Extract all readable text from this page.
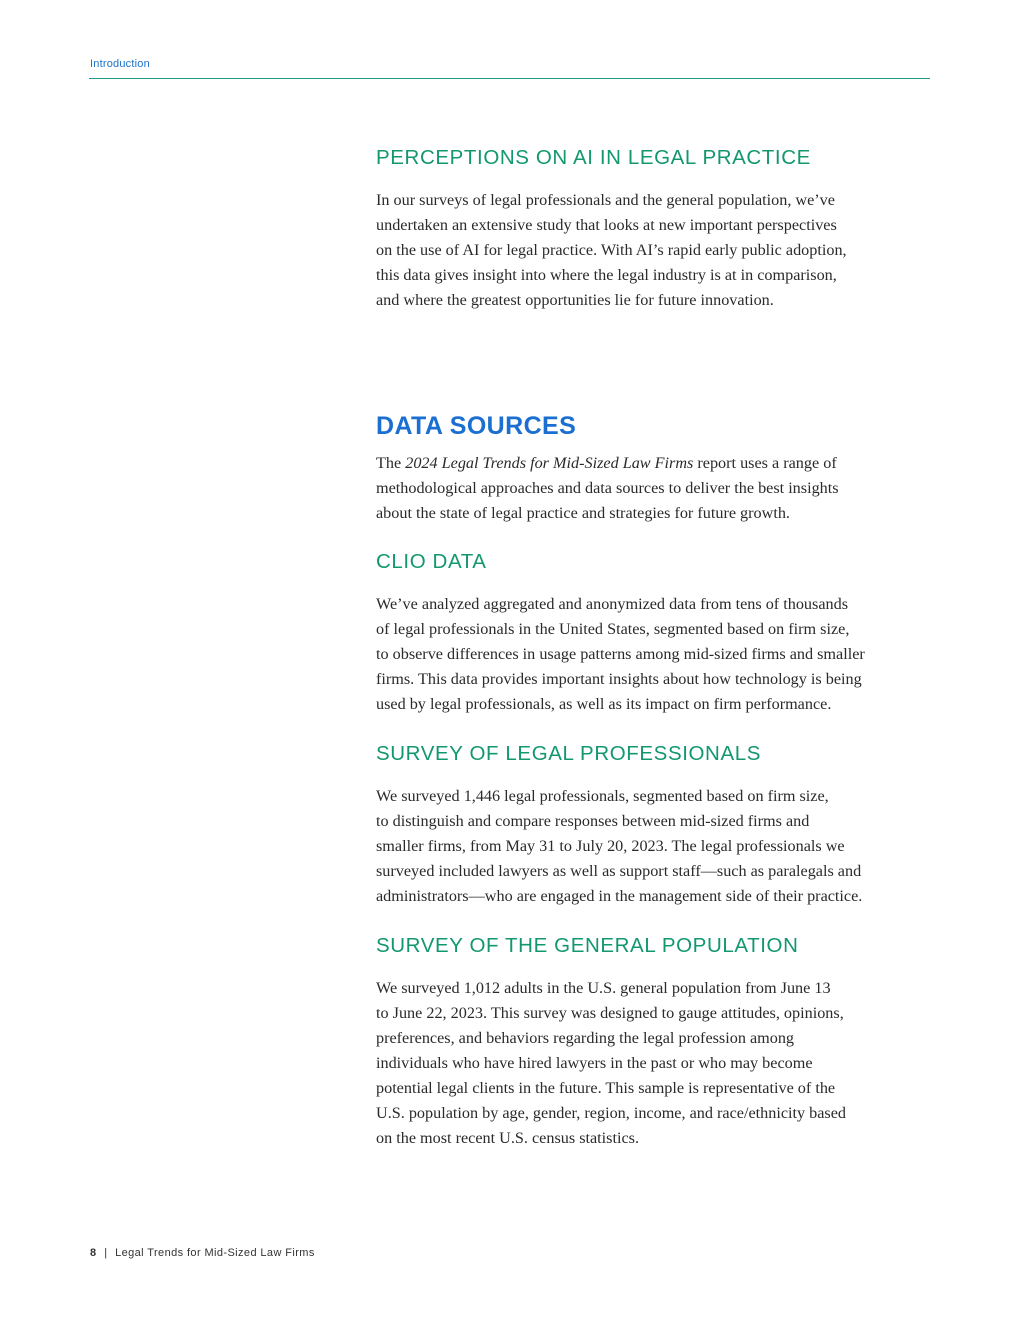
Introduction
PERCEPTIONS ON AI IN LEGAL PRACTICE
In our surveys of legal professionals and the general population, we’ve
undertaken an extensive study that looks at new important perspectives
on the use of AI for legal practice. With AI’s rapid early public adoption,
this data gives insight into where the legal industry is at in comparison,
and where the greatest opportunities lie for future innovation.
DATA SOURCES
The 2024 Legal Trends for Mid-Sized Law Firms report uses a range of
methodological approaches and data sources to deliver the best insights
about the state of legal practice and strategies for future growth.
CLIO DATA
We’ve analyzed aggregated and anonymized data from tens of thousands
of legal professionals in the United States, segmented based on firm size,
to observe differences in usage patterns among mid-sized firms and smaller
firms. This data provides important insights about how technology is being
used by legal professionals, as well as its impact on firm performance.
SURVEY OF LEGAL PROFESSIONALS
We surveyed 1,446 legal professionals, segmented based on firm size,
to distinguish and compare responses between mid-sized firms and
smaller firms, from May 31 to July 20, 2023. The legal professionals we
surveyed included lawyers as well as support staff—such as paralegals and
administrators—who are engaged in the management side of their practice.
SURVEY OF THE GENERAL POPULATION
We surveyed 1,012 adults in the U.S. general population from June 13
to June 22, 2023. This survey was designed to gauge attitudes, opinions,
preferences, and behaviors regarding the legal profession among
individuals who have hired lawyers in the past or who may become
potential legal clients in the future. This sample is representative of the
U.S. population by age, gender, region, income, and race/ethnicity based
on the most recent U.S. census statistics.
8 | Legal Trends for Mid-Sized Law Firms
